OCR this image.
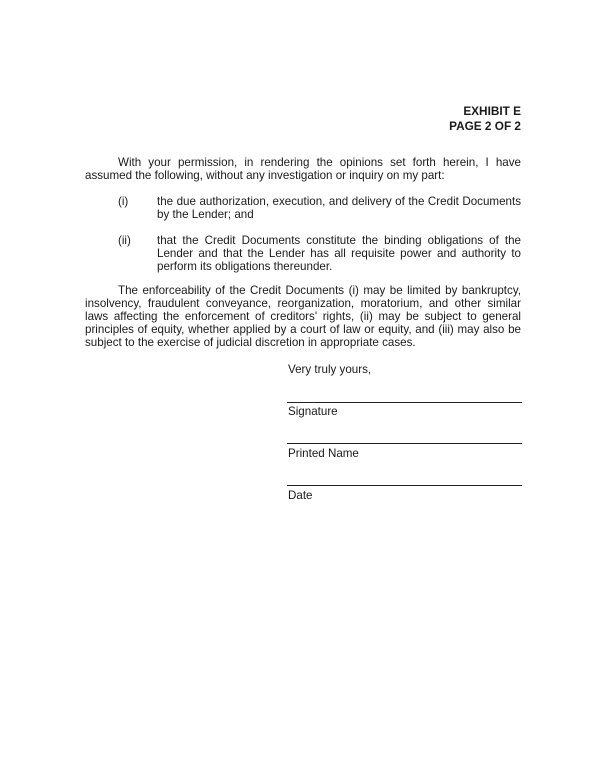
EXHIBIT E
PAGE 2 OF 2
With your permission, in rendering the opinions set forth herein, I have assumed the following, without any investigation or inquiry on my part:
(i) the due authorization, execution, and delivery of the Credit Documents by the Lender; and
(ii) that the Credit Documents constitute the binding obligations of the Lender and that the Lender has all requisite power and authority to perform its obligations thereunder.
The enforceability of the Credit Documents (i) may be limited by bankruptcy, insolvency, fraudulent conveyance, reorganization, moratorium, and other similar laws affecting the enforcement of creditors' rights, (ii) may be subject to general principles of equity, whether applied by a court of law or equity, and (iii) may also be subject to the exercise of judicial discretion in appropriate cases.
Very truly yours,
Signature
Printed Name
Date
